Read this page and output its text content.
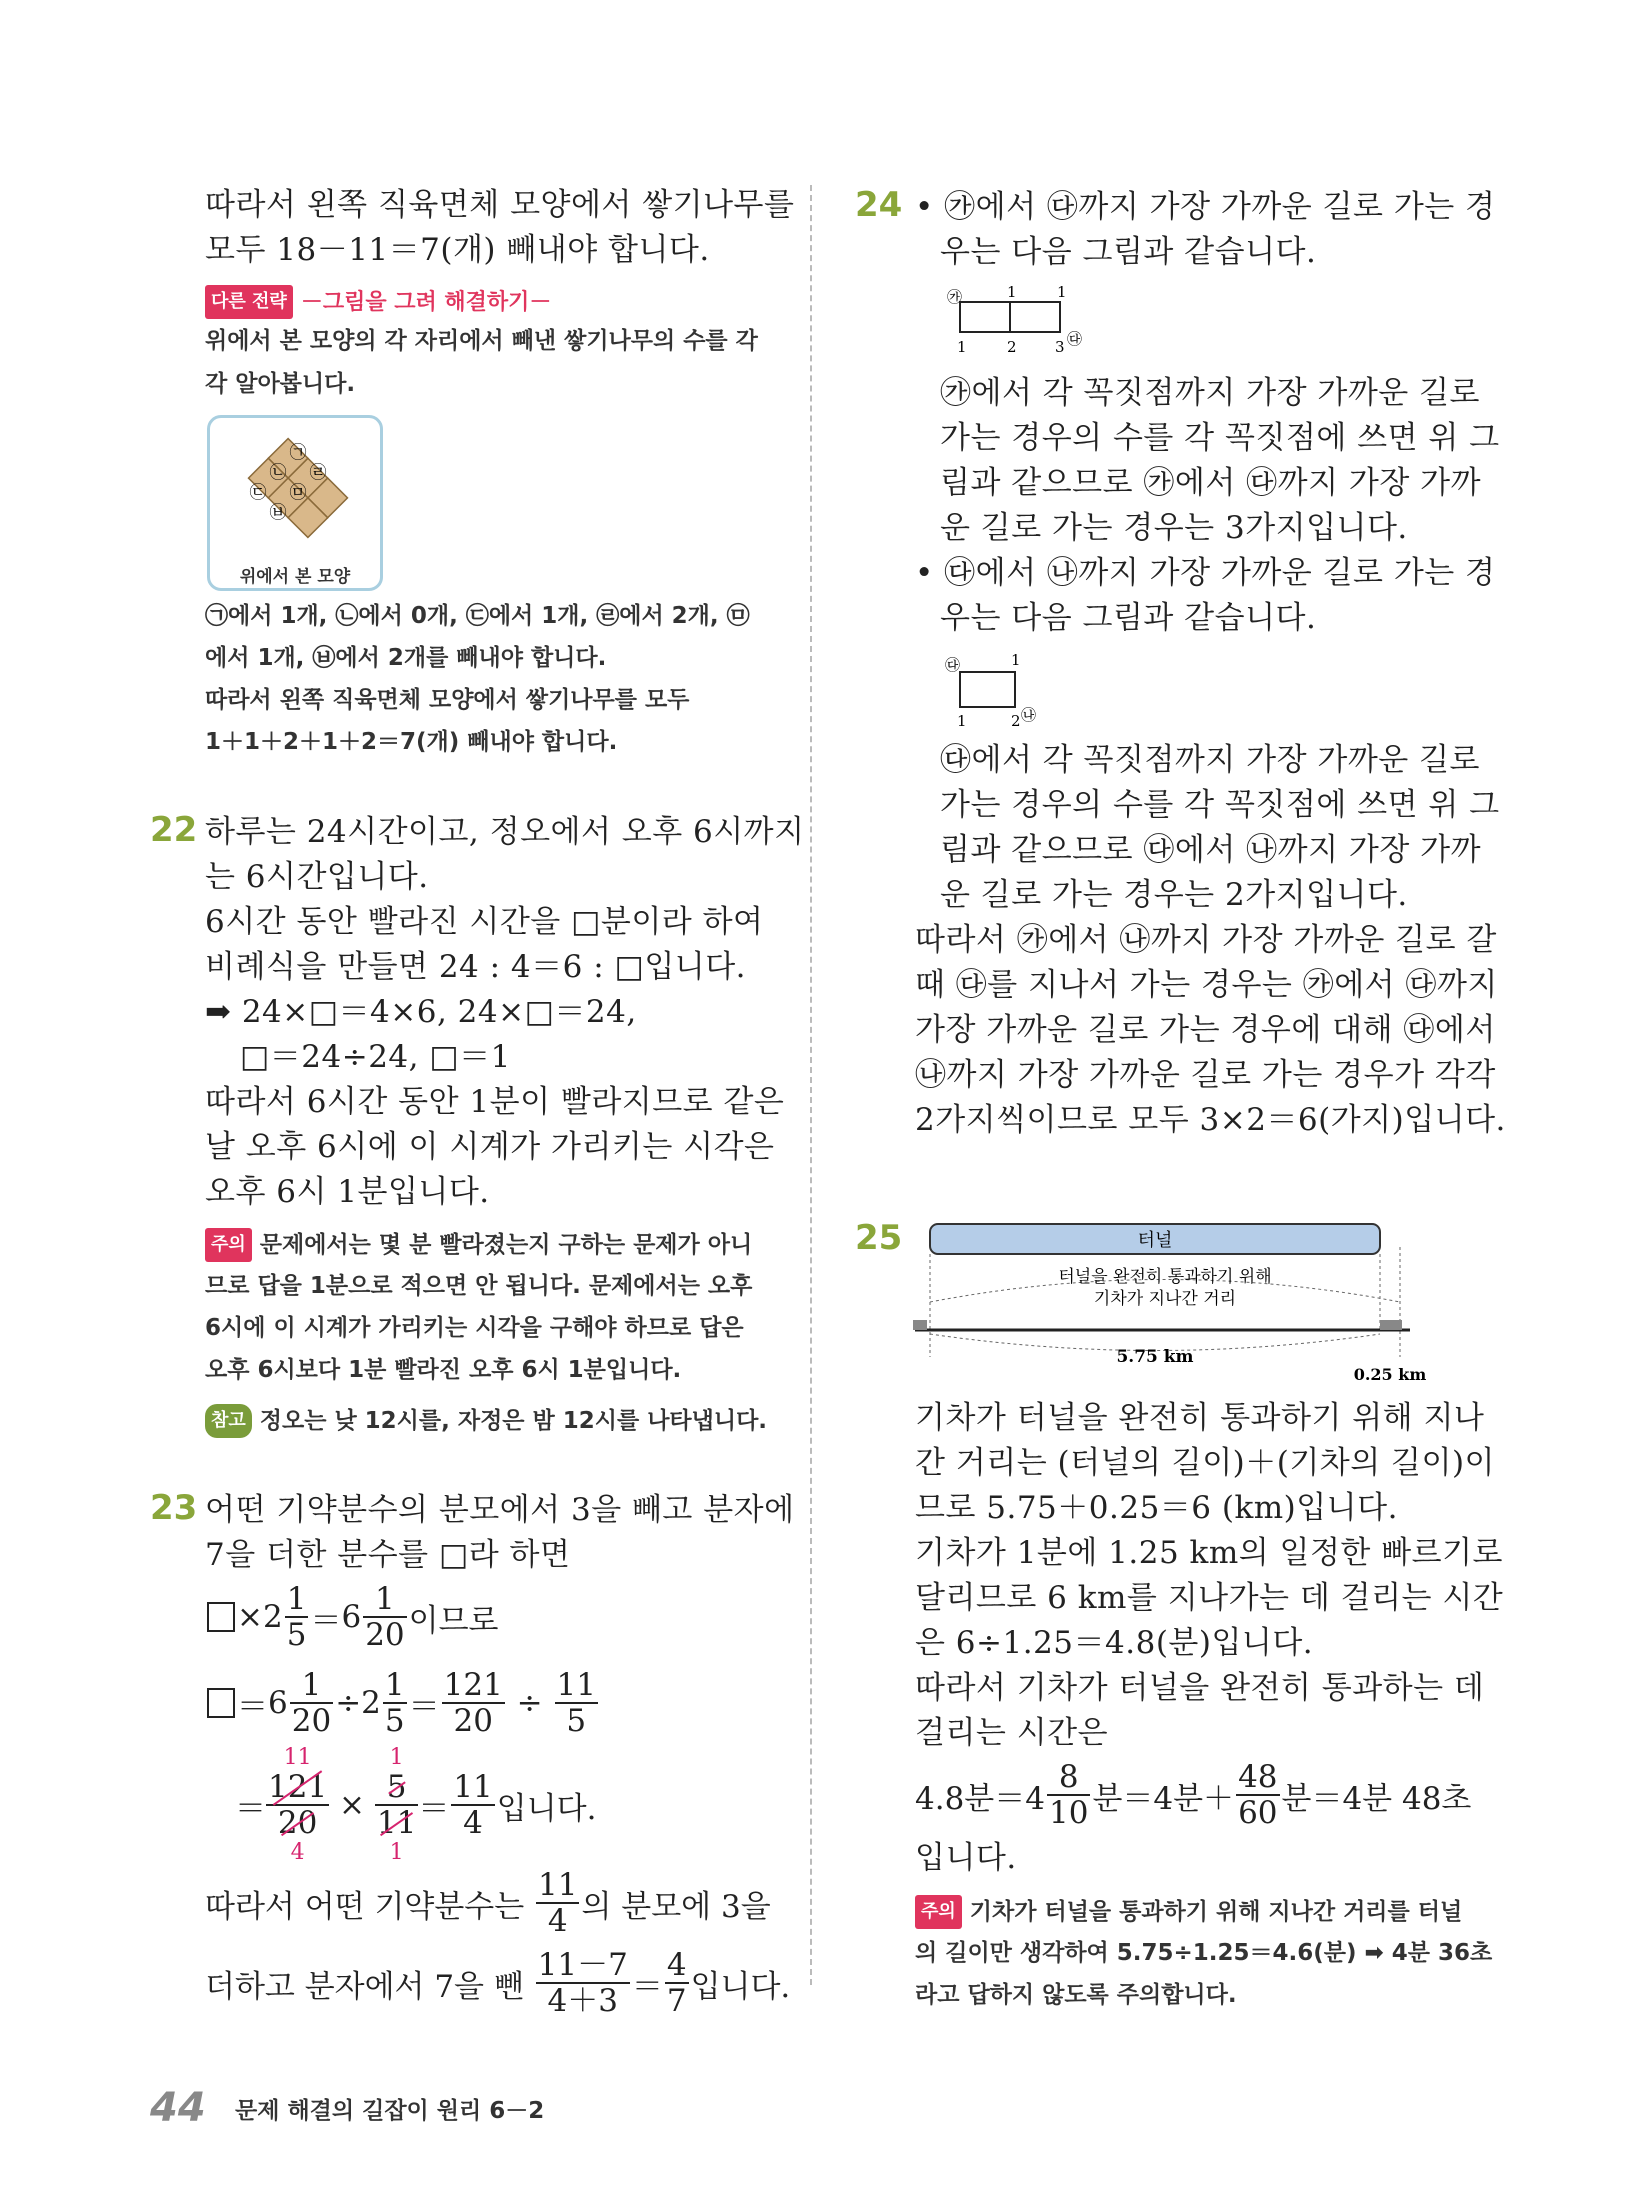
따라서 왼쪽 직육면체 모양에서 쌓기나무를
모두 18－11＝7(개) 빼내야 합니다.
다른 전략 －그림을 그려 해결하기－
위에서 본 모양의 각 자리에서 빼낸 쌓기나무의 수를 각
각 알아봅니다.
㉠
㉡
㉢
㉣
㉤
㉥
위에서 본 모양
㉠에서 1개, ㉡에서 0개, ㉢에서 1개, ㉣에서 2개, ㉤
에서 1개, ㉥에서 2개를 빼내야 합니다.
따라서 왼쪽 직육면체 모양에서 쌓기나무를 모두
1＋1＋2＋1＋2＝7(개) 빼내야 합니다.
22 하루는 24시간이고, 정오에서 오후 6시까지
는 6시간입니다.
6시간 동안 빨라진 시간을 □분이라 하여
비례식을 만들면 24 : 4＝6 : □입니다.
➡ 24×□＝4×6, 24×□＝24,
□＝24÷24, □＝1
따라서 6시간 동안 1분이 빨라지므로 같은
날 오후 6시에 이 시계가 가리키는 시각은
오후 6시 1분입니다.
주의 문제에서는 몇 분 빨라졌는지 구하는 문제가 아니
므로 답을 1분으로 적으면 안 됩니다. 문제에서는 오후
6시에 이 시계가 가리키는 시각을 구해야 하므로 답은
오후 6시보다 1분 빨라진 오후 6시 1분입니다.
참고 정오는 낮 12시를, 자정은 밤 12시를 나타냅니다.
23 어떤 기약분수의 분모에서 3을 빼고 분자에
7을 더한 분수를 □라 하면
× $2 \frac{1}{5} = 6 \frac{1}{20}$ 이므로
＝ $6 \frac{1}{20} \div 2 \frac{1}{5} = \frac{121}{20} \div \frac{11}{5}$
＝
11
$\frac{121}{20}$
4
×
1
$\frac{5}{11}$
1
＝ $\frac{11}{4}$ 입니다.
따라서 어떤 기약분수는
$\frac{11}{4}$ 의 분모에 3을
더하고 분자에서 7을 뺀
$\frac{11-7}{4+3} = \frac{4}{7}$ 입니다.
24 • ㉮에서 ㉰까지 가장 가까운 길로 가는 경
우는 다음 그림과 같습니다.
㉮	1	1
1	2	3 ㉰
㉮에서 각 꼭짓점까지 가장 가까운 길로
가는 경우의 수를 각 꼭짓점에 쓰면 위 그
림과 같으므로 ㉮에서 ㉰까지 가장 가까
운 길로 가는 경우는 3가지입니다.
• ㉰에서 ㉯까지 가장 가까운 길로 가는 경
우는 다음 그림과 같습니다.
㉰	1
1	2 ㉯
㉰에서 각 꼭짓점까지 가장 가까운 길로
가는 경우의 수를 각 꼭짓점에 쓰면 위 그
림과 같으므로 ㉰에서 ㉯까지 가장 가까
운 길로 가는 경우는 2가지입니다.
따라서 ㉮에서 ㉯까지 가장 가까운 길로 갈
때 ㉰를 지나서 가는 경우는 ㉮에서 ㉰까지
가장 가까운 길로 가는 경우에 대해 ㉰에서
㉯까지 가장 가까운 길로 가는 경우가 각각
2가지씩이므로 모두 3×2＝6(가지)입니다.
25	터널
터널을 완전히 통과하기 위해
기차가 지나간 거리
5.75 km
0.25 km
기차가 터널을 완전히 통과하기 위해 지나
간 거리는 (터널의 길이)＋(기차의 길이)이
므로 5.75＋0.25＝6 (km)입니다.
기차가 1분에 1.25 km의 일정한 빠르기로
달리므로 6 km를 지나가는 데 걸리는 시간
은 6÷1.25＝4.8(분)입니다.
따라서 기차가 터널을 완전히 통과하는 데
걸리는 시간은
4.8분$=4 \frac{8}{10}$ 분＝4분＋ $\frac{48}{60}$ 분＝4분 48초
입니다.
주의 기차가 터널을 통과하기 위해 지나간 거리를 터널
의 길이만 생각하여 5.75÷1.25＝4.6(분) ➡ 4분 36초
라고 답하지 않도록 주의합니다.
44 문제 해결의 길잡이 원리 6－2
